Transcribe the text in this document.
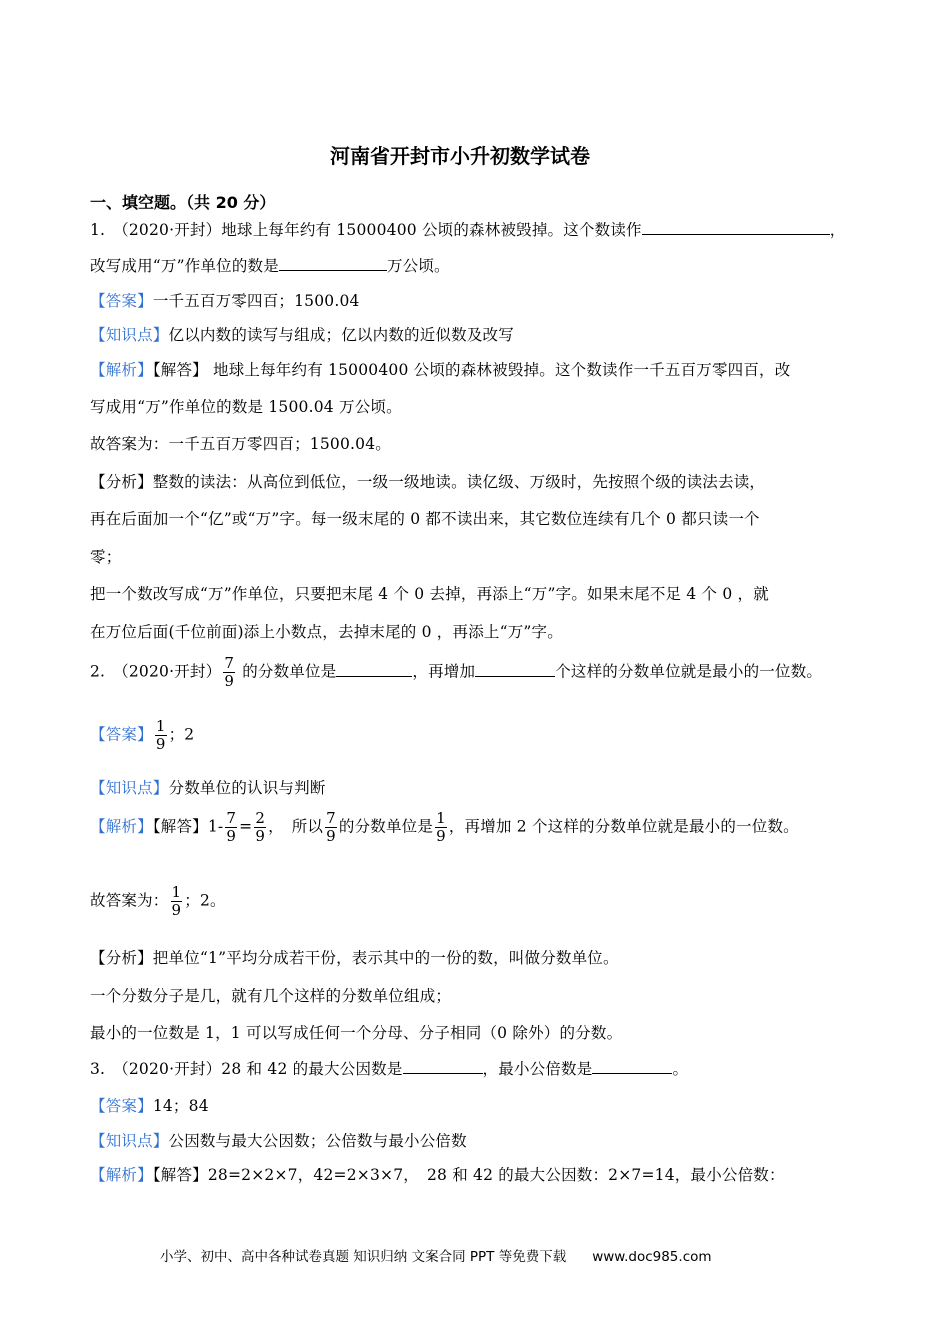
河南省开封市小升初数学试卷
一、填空题。（共 20 分）
1.　（2020·开封）地球上每年约有 15000400 公顷的森林被毁掉。这个数读作	，
改写成用“万”作单位的数是	万公顷。
【答案】一千五百万零四百；1500.04
【知识点】亿以内数的读写与组成；亿以内数的近似数及改写
【解析】【解答】 地球上每年约有 15000400 公顷的森林被毁掉。这个数读作一千五百万零四百，改
写成用“万”作单位的数是 1500.04 万公顷。
故答案为：一千五百万零四百；1500.04。
【分析】整数的读法：从高位到低位，一级一级地读。读亿级、万级时，先按照个级的读法去读，
再在后面加一个“亿”或“万”字。每一级末尾的 0 都不读出来，其它数位连续有几个 0 都只读一个
零；
把一个数改写成“万”作单位，只要把末尾 4 个 0 去掉，再添上“万”字。如果末尾不足 4 个 0 ，就
在万位后面(千位前面)添上小数点，去掉末尾的 0 ，再添上“万”字。
2.　（2020·开封） $\frac{7}{9}$ 的分数单位是	，再增加	个这样的分数单位就是最小的一位数。
【答案】 $\frac{1}{9}$ ；2
【知识点】分数单位的认识与判断
【解析】【解答】$1- \frac{7}{9} = \frac{2}{9}$ ，　所以 $\frac{7}{9}$ 的分数单位是 $\frac{1}{9}$ ，再增加 2 个这样的分数单位就是最小的一位数。
故答案为： $\frac{1}{9}$ ；2。
【分析】把单位“1”平均分成若干份，表示其中的一份的数，叫做分数单位。
一个分数分子是几，就有几个这样的分数单位组成；
最小的一位数是 1，1 可以写成任何一个分母、分子相同（0 除外）的分数。
3.　（2020·开封）28 和 42 的最大公因数是	，最小公倍数是	。
【答案】14；84
【知识点】公因数与最大公因数；公倍数与最小公倍数
【解析】【解答】28=2×2×7，42=2×3×7，　28 和 42 的最大公因数：2×7=14，最小公倍数：
小学、初中、高中各种试卷真题 知识归纳 文案合同 PPT 等免费下载 www.doc985.com
